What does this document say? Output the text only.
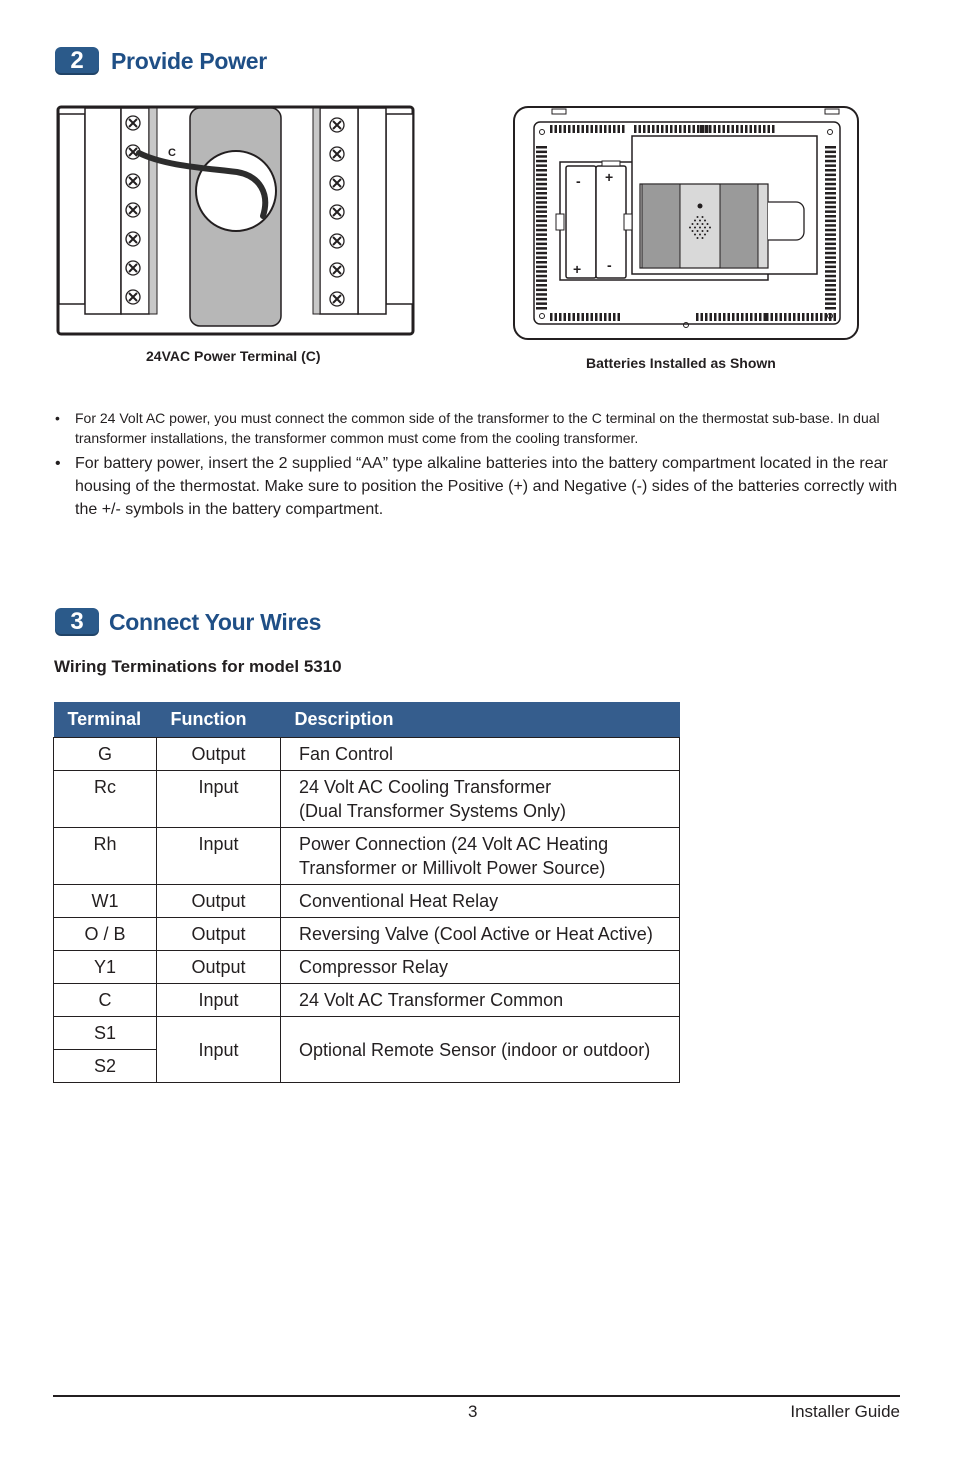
2	Provide Power
C
24VAC Power Terminal (C)
-
+
+
-
Batteries Installed as Shown
•	For 24 Volt AC power, you must connect the common side of the transformer to the C terminal on the thermostat sub-base. In dual transformer installations, the transformer common must come from the cooling transformer.
• For battery power, insert the 2 supplied “AA” type alkaline batteries into the battery compartment located in the rear housing of the thermostat. Make sure to position the Positive (+) and Negative (-) sides of the batteries correctly with the +/- symbols in the battery compartment.
3	Connect Your Wires
Wiring Terminations for model 5310
Terminal	Function	Description
G	Output	Fan Control
Rc	Input	24 Volt AC Cooling Transformer
(Dual Transformer Systems Only)

Rh	Input	Power Connection (24 Volt AC Heating
Transformer or Millivolt Power Source)

W1	Output	Conventional Heat Relay
O / B	Output	Reversing Valve (Cool Active or Heat Active)
Y1	Output	Compressor Relay
C	Input	24 Volt AC Transformer Common
S1	Input	Optional Remote Sensor (indoor or outdoor)
S2		
3	Installer Guide
